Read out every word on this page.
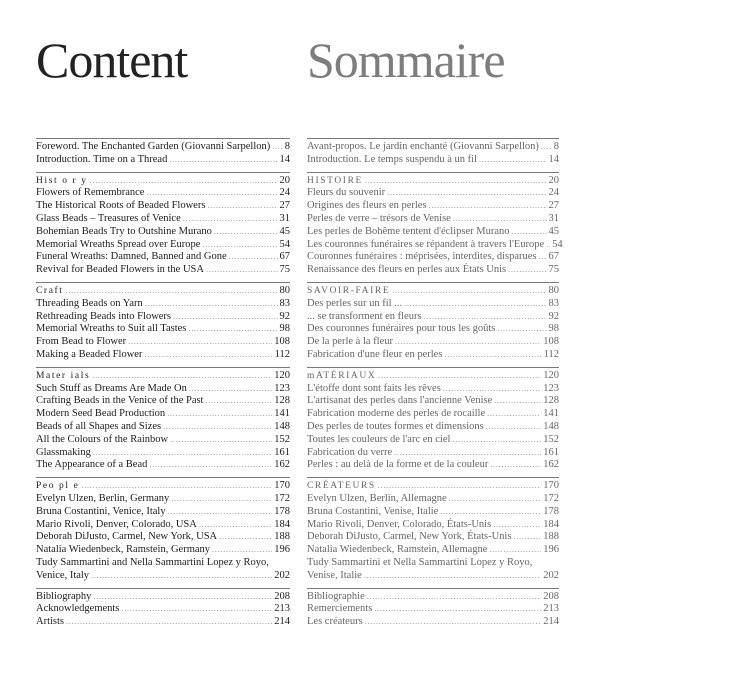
Content Sommaire
Foreword. The Enchanted Garden (Giovanni Sarpellon) . . . 8
Introduction. Time on a Thread . . .	14
Hist o r y . . .	20
Flowers of Remembrance . . .	24
The Historical Roots of Beaded Flowers . . .	27
Glass Beads – Treasures of Venice . . .	31
Bohemian Beads Try to Outshine Murano . . .	45
Memorial Wreaths Spread over Europe . . .	54
Funeral Wreaths: Damned, Banned and Gone . . .	67
Revival for Beaded Flowers in the USA . . .	75
Craft . . .	80
Threading Beads on Yarn . . .	83
Rethreading Beads into Flowers . . .	92
Memorial Wreaths to Suit all Tastes . . .	98
From Bead to Flower . . .	108
Making a Beaded Flower . . .	112
Mater ials . . .	120
Such Stuff as Dreams Are Made On . . .	123
Crafting Beads in the Venice of the Past . . .	128
Modern Seed Bead Production . . .	141
Beads of all Shapes and Sizes . . .	148
All the Colours of the Rainbow . . .	152
Glassmaking . . .	161
The Appearance of a Bead . . .	162
Peo pl e . . .	170
Evelyn Ulzen, Berlin, Germany . . .	172
Bruna Costantini, Venice, Italy . . .	178
Mario Rivoli, Denver, Colorado, USA . . .	184
Deborah DiJusto, Carmel, New York, USA . . .	188
Natalia Wiedenbeck, Ramstein, Germany . . .	196
Tudy Sammartini and Nella Sammartini Lopez y Royo,
Venice, Italy . . .	202
Bibliography . . .	208
Acknowledgements . . .	213
Artists . . .	214
Avant-propos. Le jardin enchanté (Giovanni Sarpellon) . . . 8
Introduction. Le temps suspendu à un fil . . .	14
HISTOIRE . . .	20
Fleurs du souvenir . . .	24
Origines des fleurs en perles . . .	27
Perles de verre – trésors de Venise . . .	31
Les perles de Bohême tentent d'éclipser Murano . . .	45
Les couronnes funéraires se répandent à travers l'Europe . . . 54
Couronnes funéraires : méprisées, interdites, disparues . . . 67
Renaissance des fleurs en perles aux États Unis . . .	75
SAVOIR-FAIRE . . .	80
Des perles sur un fil ... . . .	83
... se transforment en fleurs . . .	92
Des couronnes funéraires pour tous les goûts . . .	98
De la perle à la fleur . . .	108
Fabrication d'une fleur en perles . . .	112
mATÉRIAUX . . .	120
L'étoffe dont sont faits les rêves . . .	123
L'artisanat des perles dans l'ancienne Venise . . .	128
Fabrication moderne des perles de rocaille . . .	141
Des perles de toutes formes et dimensions . . .	148
Toutes les couleurs de l'arc en ciel . . .	152
Fabrication du verre . . .	161
Perles : au delà de la forme et de la couleur . . .	162
CRÉATEURS . . .	170
Evelyn Ulzen, Berlin, Allemagne . . .	172
Bruna Costantini, Venise, Italie . . .	178
Mario Rivoli, Denver, Colorado, États-Unis . . .	184
Deborah DiJusto, Carmel, New York, États-Unis . . .	188
Natalia Wiedenbeck, Ramstein, Allemagne . . .	196
Tudy Sammartini et Nella Sammartini Lopez y Royo,
Venise, Italie . . .	202
Bibliographie . . .	208
Remerciements . . .	213
Les créateurs . . .	214
